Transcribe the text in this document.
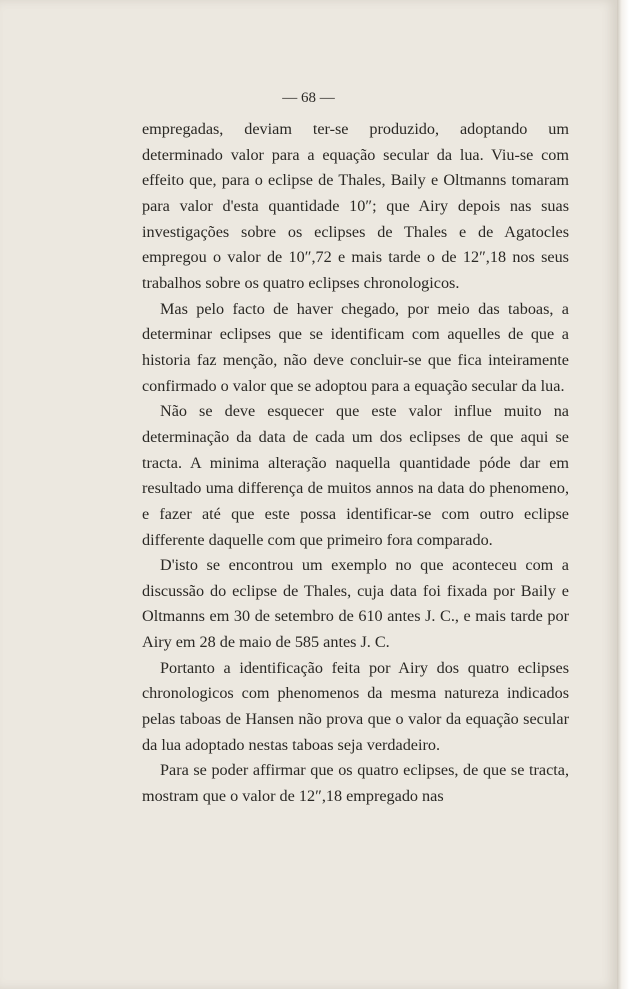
— 68 —

empregadas, deviam ter-se produzido, adoptando um determinado valor para a equação secular da lua. Viu-se com effeito que, para o eclipse de Thales, Baily e Oltmanns tomaram para valor d'esta quantidade 10″; que Airy depois nas suas investigações sobre os eclipses de Thales e de Agatocles empregou o valor de 10″,72 e mais tarde o de 12″,18 nos seus trabalhos sobre os quatro eclipses chronologicos.

Mas pelo facto de haver chegado, por meio das taboas, a determinar eclipses que se identificam com aquelles de que a historia faz menção, não deve concluir-se que fica inteiramente confirmado o valor que se adoptou para a equação secular da lua.

Não se deve esquecer que este valor influe muito na determinação da data de cada um dos eclipses de que aqui se tracta. A minima alteração naquella quantidade póde dar em resultado uma differença de muitos annos na data do phenomeno, e fazer até que este possa identificar-se com outro eclipse differente daquelle com que primeiro fora comparado.

D'isto se encontrou um exemplo no que aconteceu com a discussão do eclipse de Thales, cuja data foi fixada por Baily e Oltmanns em 30 de setembro de 610 antes J. C., e mais tarde por Airy em 28 de maio de 585 antes J. C.

Portanto a identificação feita por Airy dos quatro eclipses chronologicos com phenomenos da mesma natureza indicados pelas taboas de Hansen não prova que o valor da equação secular da lua adoptado nestas taboas seja verdadeiro.

Para se poder affirmar que os quatro eclipses, de que se tracta, mostram que o valor de 12″,18 empregado nas
